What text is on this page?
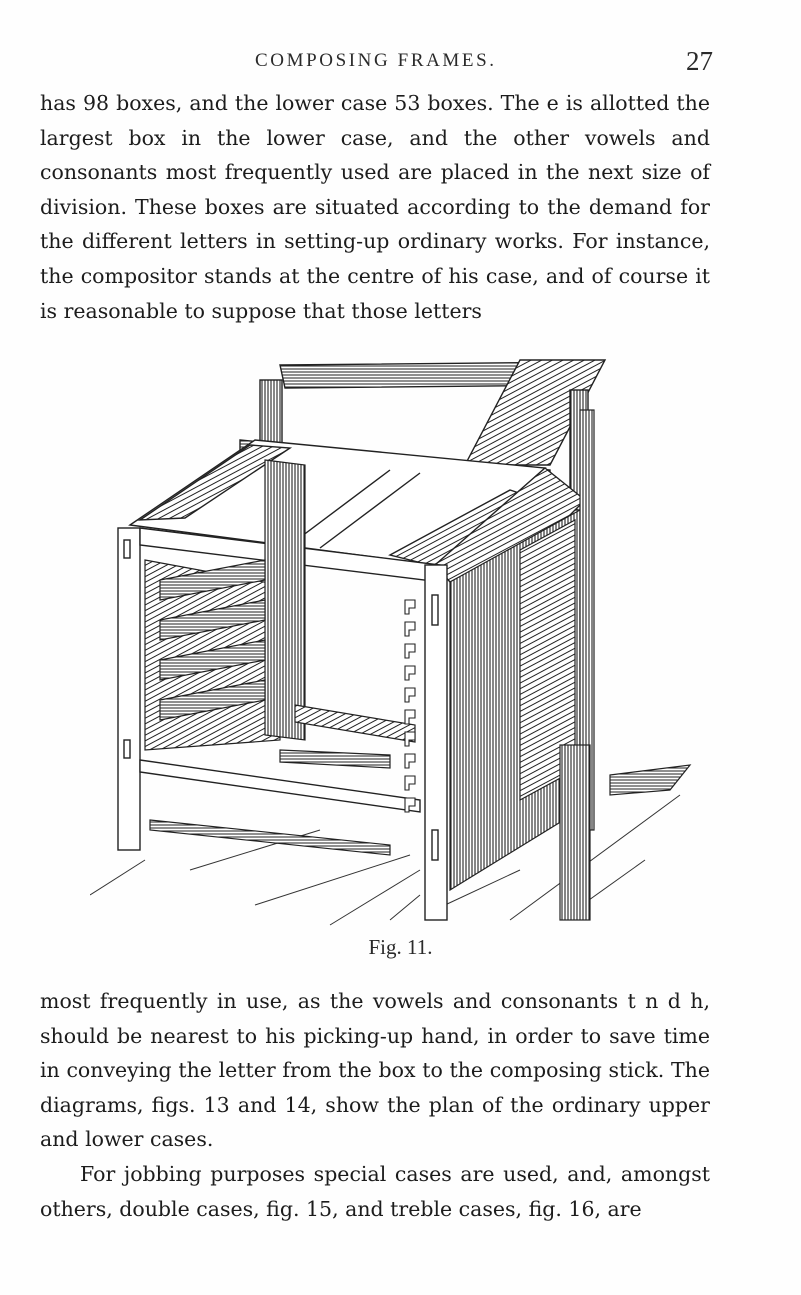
COMPOSING FRAMES.	27

has 98 boxes, and the lower case 53 boxes. The e is allotted the largest box in the lower case, and the other vowels and consonants most frequently used are placed in the next size of division. These boxes are situated according to the demand for the different letters in setting-up ordinary works. For instance, the compositor stands at the centre of his case, and of course it is reasonable to suppose that those letters

Fig. 11.

most frequently in use, as the vowels and consonants t n d h, should be nearest to his picking-up hand, in order to save time in conveying the letter from the box to the composing stick. The diagrams, figs. 13 and 14, show the plan of the ordinary upper and lower cases.

For jobbing purposes special cases are used, and, amongst others, double cases, fig. 15, and treble cases, fig. 16, are
